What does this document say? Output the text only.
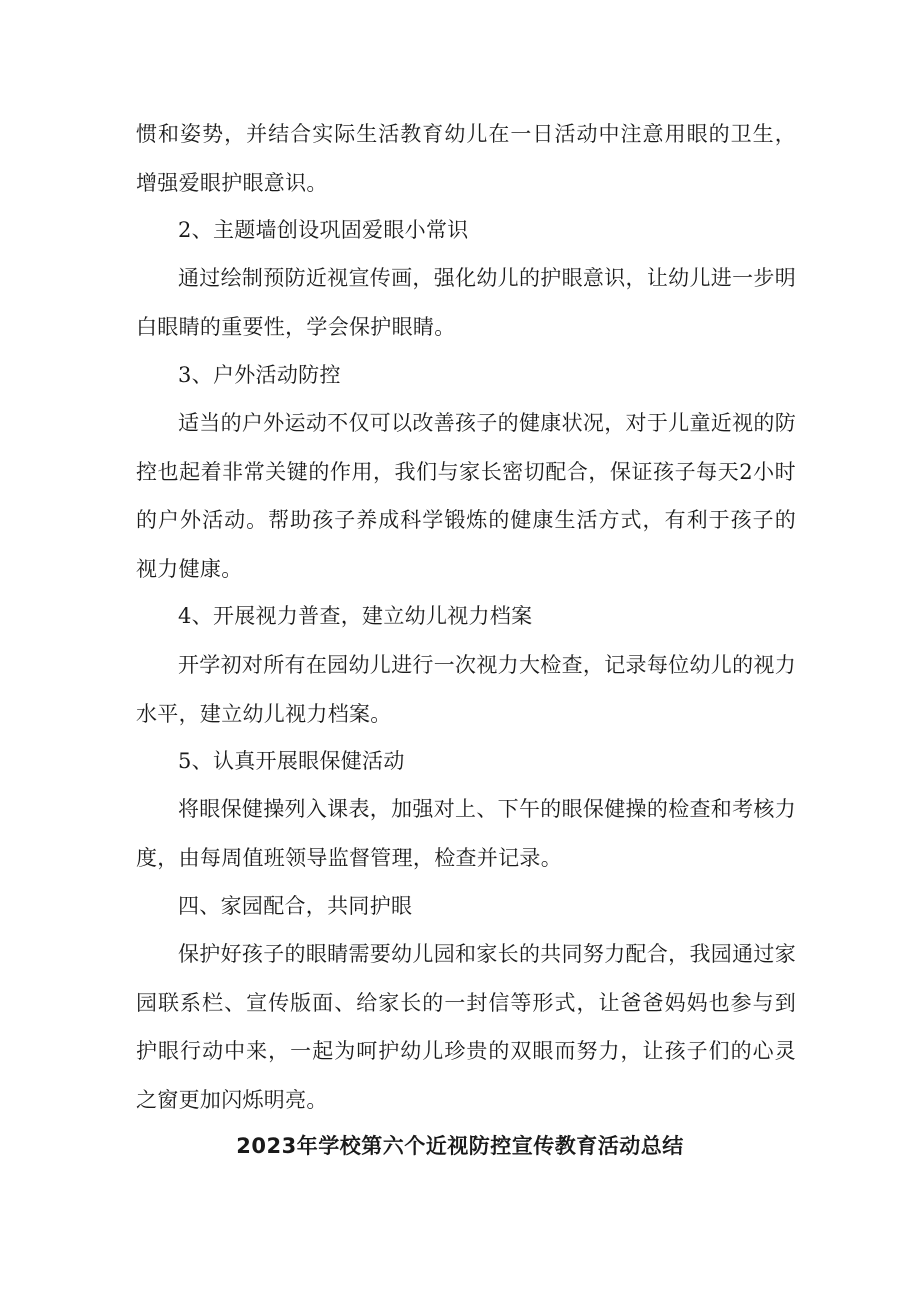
惯和姿势，并结合实际生活教育幼儿在一日活动中注意用眼的卫生，增强爱眼护眼意识。

2、主题墙创设巩固爱眼小常识

通过绘制预防近视宣传画，强化幼儿的护眼意识，让幼儿进一步明白眼睛的重要性，学会保护眼睛。

3、户外活动防控

适当的户外运动不仅可以改善孩子的健康状况，对于儿童近视的防控也起着非常关键的作用，我们与家长密切配合，保证孩子每天2小时的户外活动。帮助孩子养成科学锻炼的健康生活方式，有利于孩子的视力健康。

4、开展视力普查，建立幼儿视力档案

开学初对所有在园幼儿进行一次视力大检查，记录每位幼儿的视力水平，建立幼儿视力档案。

5、认真开展眼保健活动

将眼保健操列入课表，加强对上、下午的眼保健操的检查和考核力度，由每周值班领导监督管理，检查并记录。

四、家园配合，共同护眼

保护好孩子的眼睛需要幼儿园和家长的共同努力配合，我园通过家园联系栏、宣传版面、给家长的一封信等形式，让爸爸妈妈也参与到护眼行动中来，一起为呵护幼儿珍贵的双眼而努力，让孩子们的心灵之窗更加闪烁明亮。

2023年学校第六个近视防控宣传教育活动总结
